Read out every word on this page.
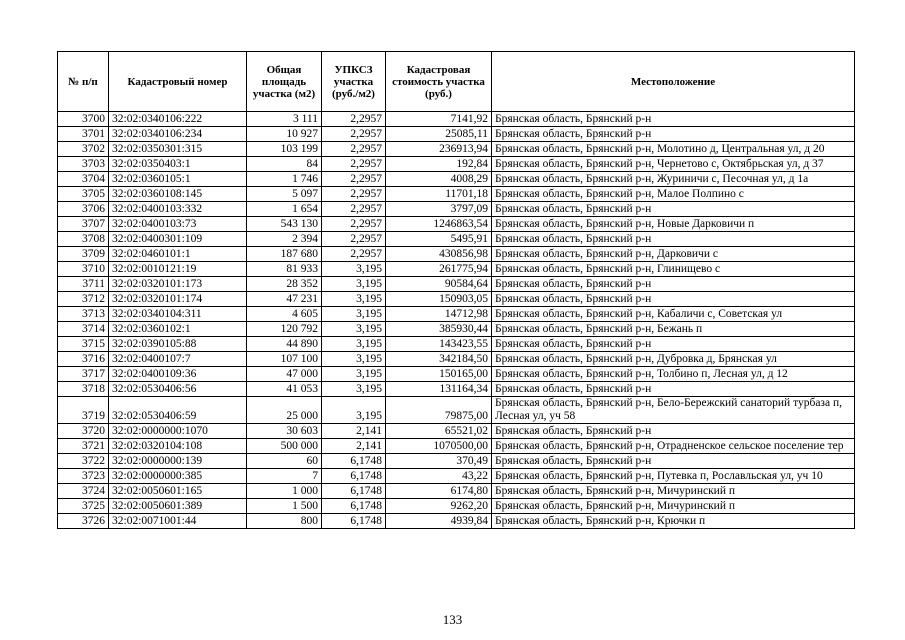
№ п/п	Кадастровый номер	Общая площадь участка (м2)	УПКСЗ участка (руб./м2)	Кадастровая стоимость участка (руб.)	Местоположение
3700	32:02:0340106:222	3 111	2,2957	7141,92	Брянская область, Брянский р-н
3701	32:02:0340106:234	10 927	2,2957	25085,11	Брянская область, Брянский р-н
3702	32:02:0350301:315	103 199	2,2957	236913,94	Брянская область, Брянский р-н, Молотино д, Центральная ул, д 20
3703	32:02:0350403:1	84	2,2957	192,84	Брянская область, Брянский р-н, Чернетово с, Октябрьская ул, д 37
3704	32:02:0360105:1	1 746	2,2957	4008,29	Брянская область, Брянский р-н, Журиничи с, Песочная ул, д 1а
3705	32:02:0360108:145	5 097	2,2957	11701,18	Брянская область, Брянский р-н, Малое Полпино с
3706	32:02:0400103:332	1 654	2,2957	3797,09	Брянская область, Брянский р-н
3707	32:02:0400103:73	543 130	2,2957	1246863,54	Брянская область, Брянский р-н, Новые Дарковичи п
3708	32:02:0400301:109	2 394	2,2957	5495,91	Брянская область, Брянский р-н
3709	32:02:0460101:1	187 680	2,2957	430856,98	Брянская область, Брянский р-н, Дарковичи с
3710	32:02:0010121:19	81 933	3,195	261775,94	Брянская область, Брянский р-н, Глинищево с
3711	32:02:0320101:173	28 352	3,195	90584,64	Брянская область, Брянский р-н
3712	32:02:0320101:174	47 231	3,195	150903,05	Брянская область, Брянский р-н
3713	32:02:0340104:311	4 605	3,195	14712,98	Брянская область, Брянский р-н, Кабаличи с, Советская ул
3714	32:02:0360102:1	120 792	3,195	385930,44	Брянская область, Брянский р-н, Бежань п
3715	32:02:0390105:88	44 890	3,195	143423,55	Брянская область, Брянский р-н
3716	32:02:0400107:7	107 100	3,195	342184,50	Брянская область, Брянский р-н, Дубровка д, Брянская ул
3717	32:02:0400109:36	47 000	3,195	150165,00	Брянская область, Брянский р-н, Толбино п, Лесная ул, д 12
3718	32:02:0530406:56	41 053	3,195	131164,34	Брянская область, Брянский р-н
3719	32:02:0530406:59	25 000	3,195	79875,00	Брянская область, Брянский р-н, Бело-Бережский санаторий турбаза п, Лесная ул, уч 58
3720	32:02:0000000:1070	30 603	2,141	65521,02	Брянская область, Брянский р-н
3721	32:02:0320104:108	500 000	2,141	1070500,00	Брянская область, Брянский р-н, Отрадненское сельское поселение тер
3722	32:02:0000000:139	60	6,1748	370,49	Брянская область, Брянский р-н
3723	32:02:0000000:385	7	6,1748	43,22	Брянская область, Брянский р-н, Путевка п, Рославльская ул, уч 10
3724	32:02:0050601:165	1 000	6,1748	6174,80	Брянская область, Брянский р-н, Мичуринский п
3725	32:02:0050601:389	1 500	6,1748	9262,20	Брянская область, Брянский р-н, Мичуринский п
3726	32:02:0071001:44	800	6,1748	4939,84	Брянская область, Брянский р-н, Крючки п
133
